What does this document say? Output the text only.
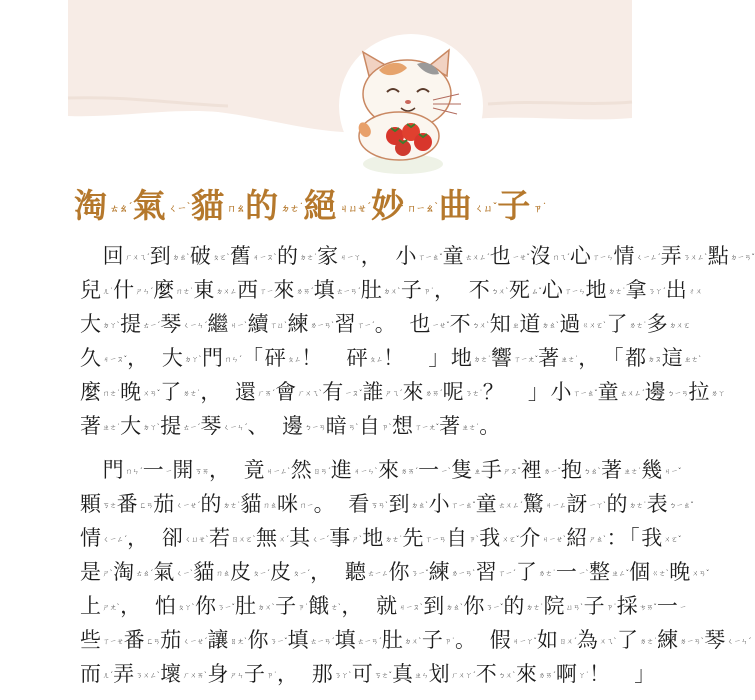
淘ㄊㄠˊ氣ㄑㄧˋ貓ㄇㄠ的ㄉㄜ˙絕ㄐㄩㄝˊ妙ㄇㄧㄠˋ曲ㄑㄩˇ子ㄗ˙
　回ㄏㄨㄟˊ到ㄉㄠˋ破ㄆㄛˋ舊ㄐㄧㄡˋ的ㄉㄜ˙家ㄐㄧㄚ，　 小ㄒㄧㄠˇ童ㄊㄨㄥˊ也ㄧㄝˇ沒ㄇㄟˊ心ㄒㄧㄣ情ㄑㄧㄥˊ弄ㄋㄨㄥˋ點ㄉㄧㄢˇ
兒ㄦ˙什ㄕㄣˊ麼ㄇㄜ˙東ㄉㄨㄥ西ㄒㄧ來ㄌㄞˊ填ㄊㄧㄢˊ肚ㄉㄨˋ子ㄗ˙，　 不ㄅㄨˋ死ㄙˇ心ㄒㄧㄣ地ㄉㄜ˙拿ㄋㄚˊ出ㄔㄨ
大ㄉㄚˋ提ㄊㄧˊ琴ㄑㄧㄣˊ繼ㄐㄧˋ續ㄒㄩˋ練ㄌㄧㄢˋ習ㄒㄧˊ。　 也ㄧㄝˇ不ㄅㄨˋ知ㄓ道ㄉㄠˋ過ㄍㄨㄛˋ了ㄌㄜ˙多ㄉㄨㄛ
久ㄐㄧㄡˇ，　 大ㄉㄚˋ門ㄇㄣˊ「砰ㄆㄥ！　 砰ㄆㄥ！　 」地ㄉㄜ˙響ㄒㄧㄤˇ著ㄓㄜ˙，　 「都ㄉㄡ這ㄓㄜˋ
麼ㄇㄜ˙晚ㄨㄢˇ了ㄌㄜ˙，　 還ㄏㄞˊ會ㄏㄨㄟˋ有ㄧㄡˇ誰ㄕㄟˊ來ㄌㄞˊ呢ㄋㄜ˙？　 」小ㄒㄧㄠˇ童ㄊㄨㄥˊ邊ㄅㄧㄢ拉ㄌㄚ
著ㄓㄜ˙大ㄉㄚˋ提ㄊㄧˊ琴ㄑㄧㄣˊ、　 邊ㄅㄧㄢ暗ㄢˋ自ㄗˋ想ㄒㄧㄤˇ著ㄓㄜ˙。
　門ㄇㄣˊ一ㄧ開ㄎㄞ，　 竟ㄐㄧㄥˋ然ㄖㄢˊ進ㄐㄧㄣˋ來ㄌㄞˊ一ㄧˋ隻ㄓ手ㄕㄡˇ裡ㄌㄧˇ抱ㄅㄠˋ著ㄓㄜ˙幾ㄐㄧˇ
顆ㄎㄜ番ㄈㄢ茄ㄑㄧㄝˊ的ㄉㄜ˙貓ㄇㄠ咪ㄇㄧ。　 看ㄎㄢˋ到ㄉㄠˋ小ㄒㄧㄠˇ童ㄊㄨㄥˊ驚ㄐㄧㄥ訝ㄧㄚˋ的ㄉㄜ˙表ㄅㄧㄠˇ
情ㄑㄧㄥˊ，　 卻ㄑㄩㄝˋ若ㄖㄨㄛˋ無ㄨˊ其ㄑㄧˊ事ㄕˋ地ㄉㄜ˙先ㄒㄧㄢ自ㄗˋ我ㄨㄛˇ介ㄐㄧㄝˋ紹ㄕㄠˋ：「我ㄨㄛˇ
是ㄕˋ淘ㄊㄠˊ氣ㄑㄧˋ貓ㄇㄠ皮ㄆㄧˊ皮ㄆㄧˊ，　 聽ㄊㄧㄥ你ㄋㄧˇ練ㄌㄧㄢˋ習ㄒㄧˊ了ㄌㄜ˙一ㄧˋ整ㄓㄥˇ個ㄍㄜˋ晚ㄨㄢˇ
上ㄕㄤˋ，　 怕ㄆㄚˋ你ㄋㄧˇ肚ㄉㄨˋ子ㄗ˙餓ㄜˋ，　 就ㄐㄧㄡˋ到ㄉㄠˋ你ㄋㄧˇ的ㄉㄜ˙院ㄩㄢˋ子ㄗ˙採ㄘㄞˇ一ㄧ
些ㄒㄧㄝ番ㄈㄢ茄ㄑㄧㄝˊ讓ㄖㄤˋ你ㄋㄧˇ填ㄊㄧㄢˊ填ㄊㄧㄢˊ肚ㄉㄨˋ子ㄗ˙。　 假ㄐㄧㄚˇ如ㄖㄨˊ為ㄨㄟˋ了ㄌㄜ˙練ㄌㄧㄢˋ琴ㄑㄧㄣˊ
而ㄦˊ弄ㄋㄨㄥˋ壞ㄏㄨㄞˋ身ㄕㄣ子ㄗ˙，　 那ㄋㄚˋ可ㄎㄜˇ真ㄓㄣ划ㄏㄨㄚˊ不ㄅㄨˋ來ㄌㄞˊ啊ㄚ˙！　 」
